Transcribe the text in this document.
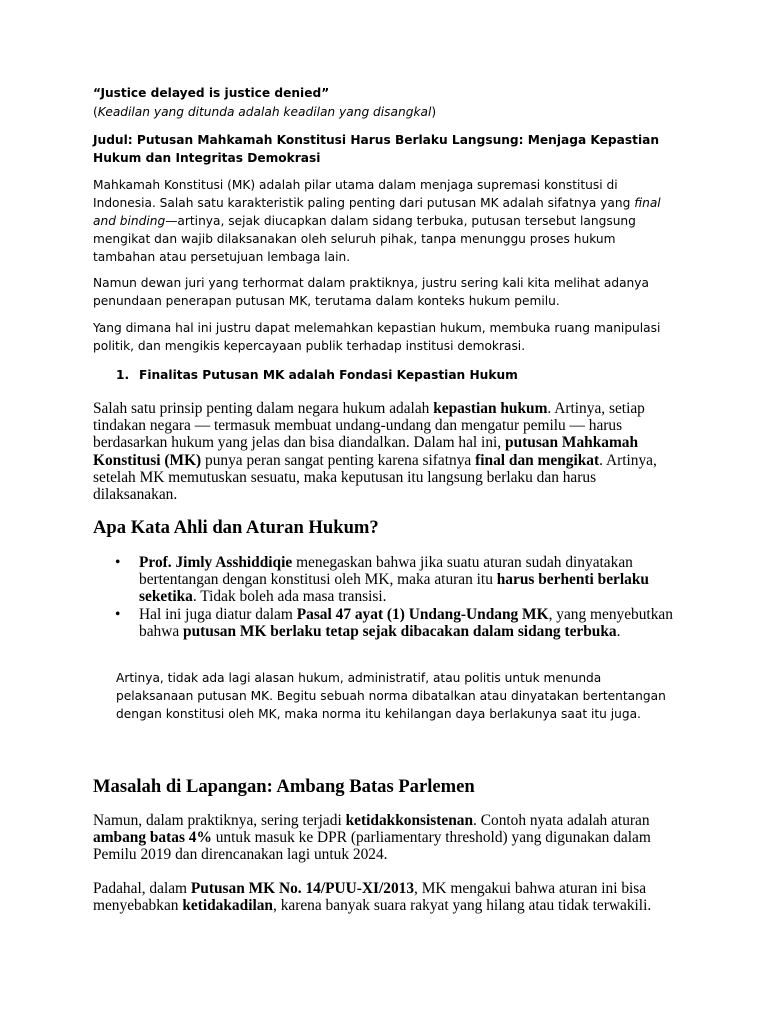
“Justice delayed is justice denied”

(Keadilan yang ditunda adalah keadilan yang disangkal)

Judul: Putusan Mahkamah Konstitusi Harus Berlaku Langsung: Menjaga Kepastian Hukum dan Integritas Demokrasi

Mahkamah Konstitusi (MK) adalah pilar utama dalam menjaga supremasi konstitusi di Indonesia. Salah satu karakteristik paling penting dari putusan MK adalah sifatnya yang final and binding—artinya, sejak diucapkan dalam sidang terbuka, putusan tersebut langsung mengikat dan wajib dilaksanakan oleh seluruh pihak, tanpa menunggu proses hukum tambahan atau persetujuan lembaga lain.

Namun dewan juri yang terhormat dalam praktiknya, justru sering kali kita melihat adanya penundaan penerapan putusan MK, terutama dalam konteks hukum pemilu.

Yang dimana hal ini justru dapat melemahkan kepastian hukum, membuka ruang manipulasi politik, dan mengikis kepercayaan publik terhadap institusi demokrasi.

1. Finalitas Putusan MK adalah Fondasi Kepastian Hukum

Salah satu prinsip penting dalam negara hukum adalah kepastian hukum. Artinya, setiap tindakan negara — termasuk membuat undang-undang dan mengatur pemilu — harus berdasarkan hukum yang jelas dan bisa diandalkan. Dalam hal ini, putusan Mahkamah Konstitusi (MK) punya peran sangat penting karena sifatnya final dan mengikat. Artinya, setelah MK memutuskan sesuatu, maka keputusan itu langsung berlaku dan harus dilaksanakan.

Apa Kata Ahli dan Aturan Hukum?
• Prof. Jimly Asshiddiqie menegaskan bahwa jika suatu aturan sudah dinyatakan bertentangan dengan konstitusi oleh MK, maka aturan itu harus berhenti berlaku seketika. Tidak boleh ada masa transisi.
• Hal ini juga diatur dalam Pasal 47 ayat (1) Undang-Undang MK, yang menyebutkan bahwa putusan MK berlaku tetap sejak dibacakan dalam sidang terbuka.

Artinya, tidak ada lagi alasan hukum, administratif, atau politis untuk menunda pelaksanaan putusan MK. Begitu sebuah norma dibatalkan atau dinyatakan bertentangan dengan konstitusi oleh MK, maka norma itu kehilangan daya berlakunya saat itu juga.

Masalah di Lapangan: Ambang Batas Parlemen

Namun, dalam praktiknya, sering terjadi ketidakkonsistenan. Contoh nyata adalah aturan ambang batas 4% untuk masuk ke DPR (parliamentary threshold) yang digunakan dalam Pemilu 2019 dan direncanakan lagi untuk 2024.

Padahal, dalam Putusan MK No. 14/PUU-XI/2013, MK mengakui bahwa aturan ini bisa menyebabkan ketidakadilan, karena banyak suara rakyat yang hilang atau tidak terwakili.
